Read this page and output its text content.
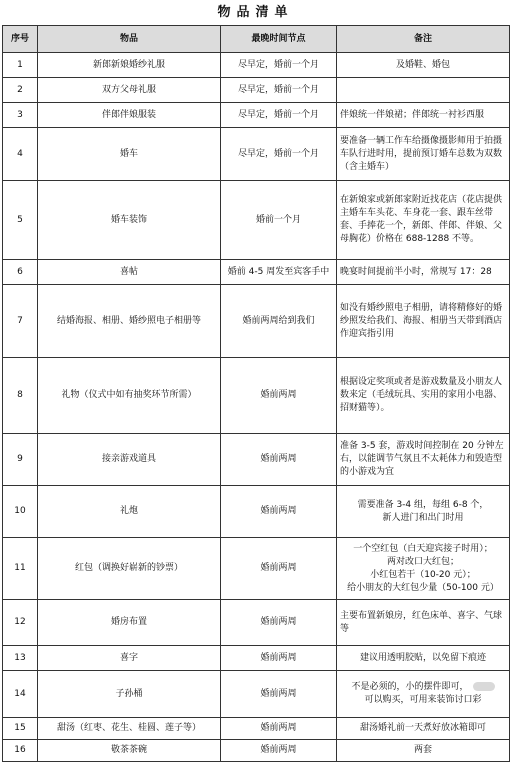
物品清单
序号	物品	最晚时间节点	备注
1	新郎新娘婚纱礼服	尽早定，婚前一个月	及婚鞋、婚包
2	双方父母礼服	尽早定，婚前一个月	
3	伴郎伴娘服装	尽早定，婚前一个月	伴娘统一伴娘裙；伴郎统一衬衫西服
4	婚车	尽早定，婚前一个月	要准备一辆工作车给摄像摄影师用于拍摄车队行进时用，提前预订婚车总数为双数（含主婚车）
5	婚车装饰	婚前一个月	在新娘家或新郎家附近找花店（花店提供主婚车车头花、车身花一套、跟车丝带套、手捧花一个，新郎、伴郎、伴娘、父母胸花）价格在 688-1288 不等。
6	喜帖	婚前 4-5 周发至宾客手中	晚宴时间提前半小时，常规写 17：28
7	结婚海报、相册、婚纱照电子相册等	婚前两周给到我们	如没有婚纱照电子相册，请将精修好的婚纱照发给我们、海报、相册当天带到酒店作迎宾指引用
8	礼物（仪式中如有抽奖环节所需）	婚前两周	根据设定奖项或者是游戏数量及小朋友人数来定（毛绒玩具、实用的家用小电器、招财猫等）。
9	接亲游戏道具	婚前两周	准备 3-5 套，游戏时间控制在 20 分钟左右，以能调节气氛且不太耗体力和毁造型的小游戏为宜
10	礼炮	婚前两周	需要准备 3-4 组，每组 6-8 个，
新人进门和出门时用

11	红包（调换好崭新的钞票）	婚前两周	一个空红包（白天迎宾接子时用）；
两对改口大红包；
小红包若干（10-20 元）；
给小朋友的大红包少量（50-100 元）

12	婚房布置	婚前两周	主要布置新娘房，红色床单、喜字、气球等
13	喜字	婚前两周	建议用透明胶贴，以免留下痕迹
14	子孙桶	婚前两周	不是必须的，小的摆件即可，
可以购买，可用来装饰讨口彩

15	甜汤（红枣、花生、桂圆、莲子等）	婚前两周	甜汤婚礼前一天煮好放冰箱即可
16	敬茶茶碗	婚前两周	两套
